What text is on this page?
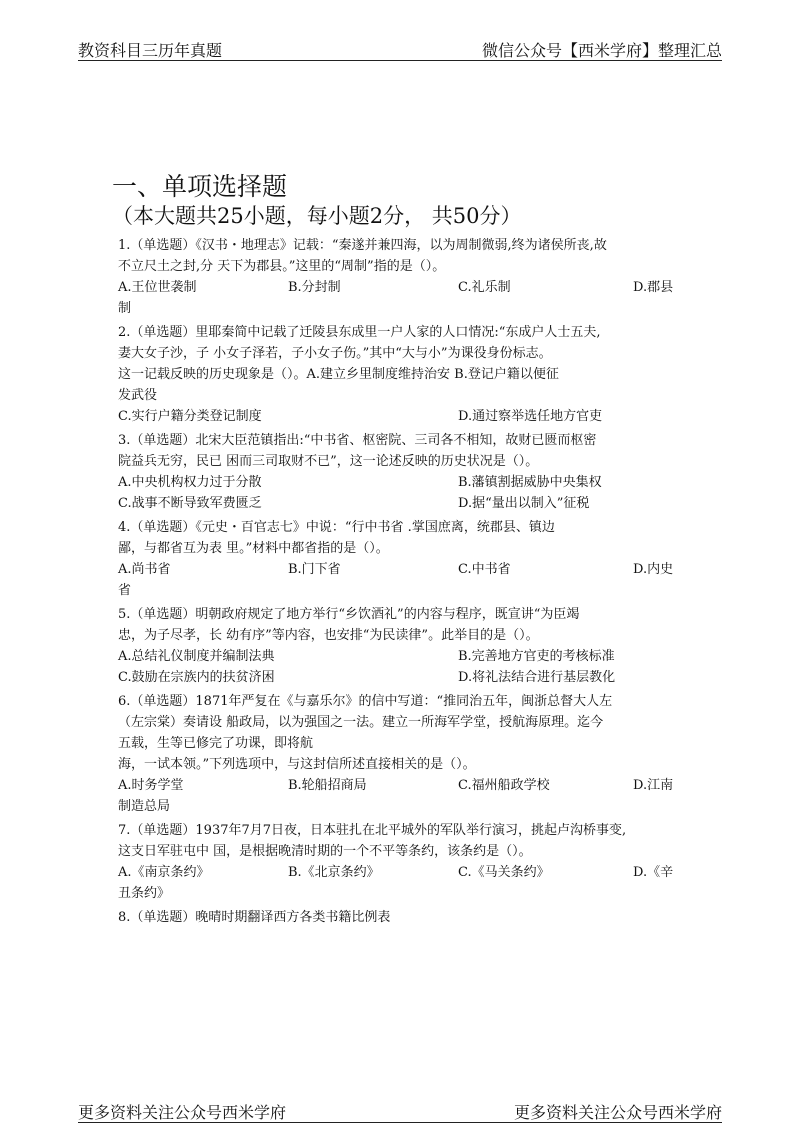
教资科目三历年真题	微信公众号【西米学府】整理汇总
一、单项选择题
（本大题共25小题，每小题2分， 共50分）

1.（单选题）《汉书・地理志》记载：“秦遂并兼四海，以为周制微弱,终为诸侯所丧,故

不立尺土之封,分 天下为郡县。”这里的“周制”指的是（）。

A.王位世袭制	B.分封制	C.礼乐制	D.郡县

制

2.（单选题）里耶秦简中记载了迁陵县东成里一户人家的人口情况:“东成户人士五夫,

妻大女子沙，子 小女子泽若，子小女子伤。”其中“大与小”为课役身份标志。

这一记载反映的历史现象是（）。A.建立乡里制度维持治安 B.登记户籍以便征

发武役

C.实行户籍分类登记制度	D.通过察举选任地方官吏

3.（单选题）北宋大臣范镇指出:“中书省、枢密院、三司各不相知，故财已匮而枢密

院益兵无穷，民已 困而三司取财不已”，这一论述反映的历史状况是（）。

A.中央机构权力过于分散	B.藩镇割据威胁中央集权
C.战事不断导致军费匮乏	D.据“量出以制入”征税

4.（单选题）《元史・百官志七》中说：“行中书省 .掌国庶离，统郡县、镇边

鄙，与都省互为表 里。”材料中都省指的是（）。

A.尚书省	B.门下省	C.中书省	D.内史

省

5.（单选题）明朝政府规定了地方举行“乡饮酒礼”的内容与程序，既宣讲“为臣竭

忠，为子尽孝，长 幼有序”等内容，也安排“为民读律”。此举目的是（）。

A.总结礼仪制度并编制法典	B.完善地方官吏的考核标准
C.鼓励在宗族内的扶贫济困	D.将礼法结合进行基层教化

6.（单选题）1871年严复在《与嘉乐尔》的信中写道：“推同治五年，闽浙总督大人左

（左宗棠）奏请设 船政局，以为强国之一法。建立一所海军学堂，授航海原理。迄今

五载，生等已修完了功课，即将航

海，一试本领。”下列选项中，与这封信所述直接相关的是（）。

A.时务学堂	B.轮船招商局	C.福州船政学校	D.江南

制造总局

7.（单选题）1937年7月7日夜，日本驻扎在北平城外的军队举行演习，挑起卢沟桥事变,

这支日军驻屯中 国，是根据晚清时期的一个不平等条约，该条约是（）。

A.《南京条约》	B.《北京条约》	C.《马关条约》	D.《辛

丑条约》

8.（单选题）晚晴时期翻译西方各类书籍比例表

更多资料关注公众号西米学府	更多资料关注公众号西米学府
